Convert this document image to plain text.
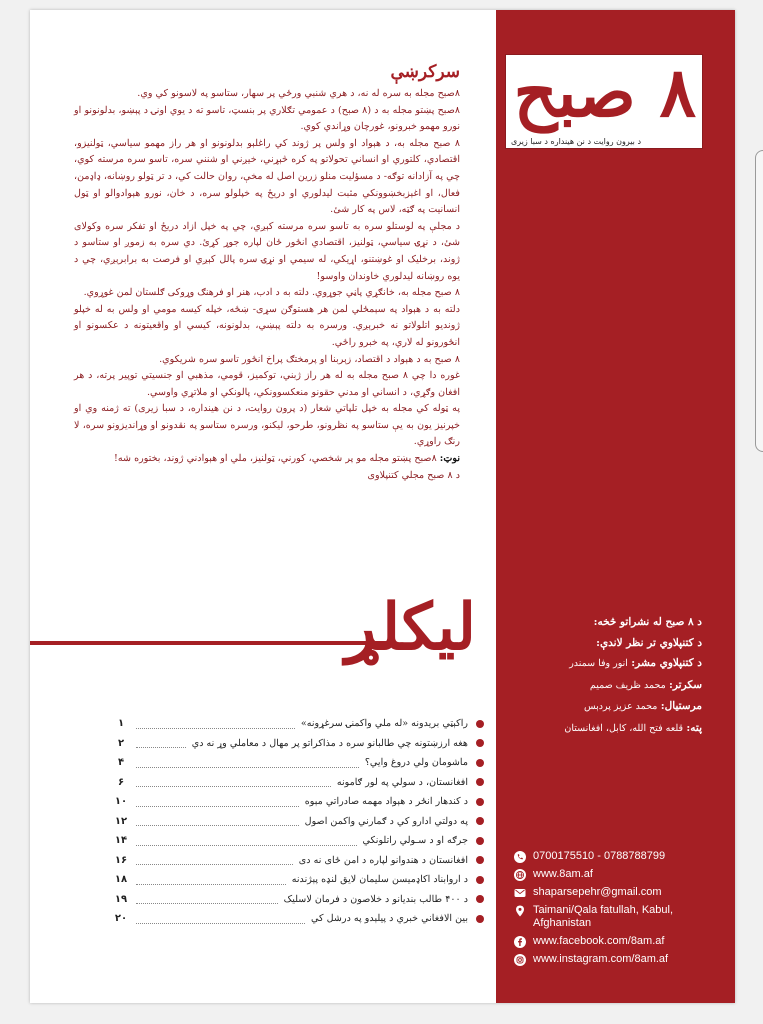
۸ صبح
د بیرون روایت د نن هینداره د سبا زیری
سرکرښې

۸صبح مجله به سره له نه، د هري شنبي ورځي پر سهار، ستاسو په لاسونو کي وي.

۸صبح پښتو مجله به د (۸ صبح) د عمومي تګلاري پر بنسټ، تاسو ته د يوي اونۍ د پېښو، بدلونونو او نورو مهمو خبرونو، غورچان وړاندي کوي.

۸ صبح مجله به، د هېواد او ولس پر ژوند کي راغلېو بدلونونو او هر راز مهمو سياسي، ټولنيزو، اقتصادي، کلتوري او انساني تحولاتو په کره څېړني، خيږني او شنني سره، تاسو سره مرسته کوي، چي په آزادانه توګه- د مسؤليت منلو زرين اصل له مخې، روان حالت کي، د تر ټولو روښانه، ډاډمن، فعال، او اغېزبخښوونکي مثبت ليدلوري او دريځ په خپلولو سره، د خان، نورو هېوادوالو او ټول انسانيت په ګټه، لاس په کار شئ.

د مجلې په لوستلو سره به تاسو سره مرسته کېږي، چي په خپل ازاد دريځ او تفکر سره وکولای شئ، د نړۍ سياسي، ټولنيز، اقتصادي انځور ځان لپاره جوړ کړئ. دي سره به زموږ او ستاسو د ژوند، برخليک او غوښتنو، اړيکي، له سيمي او نړۍ سره پالل کېږي او فرصت به برابرېږي، چي د يوه روښانه ليدلوري خاوندان واوسو!

۸ صبح مجله به، خانګړي پاڼي جوړوي. دلته به د ادب، هنر او فرهنګ وړوکی ګلستان لمن غوړوي.

دلته به د هېواد په سېمځلي لمن هر هستوګن سړی- ښځه، خپله کيسه مومي او ولس به له خپلو ژونديو اتلولاتو نه خبرېږي. ورسره به دلته پېښي، بدلونونه، کيسي او واقعيتونه د عکسونو او انځورونو له لاري، په خبرو راځي.

۸ صبح به د هېواد د اقتصاد، زېربنا او پرمختګ پراخ انځور تاسو سره شريکوي.

غوره دا چي ۸ صبح مجله به له هر راز ژبني، توکميز، قومي، مذهبي او جنسيتي توپير پرته، د هر افغان وګړي، د انساني او مدني حقونو منعکسوونکي، پالونکي او ملاتړي واوسي.

په ټوله کي مجله به خپل تلپاتي شعار (د پرون روايت، د نن هينداره، د سبا زيرى) ته ژمنه وي او خپرنيز يون به يې ستاسو په نظرونو، طرحو، ليکنو، ورسره ستاسو په نقدونو او وړانديزونو سره، لا رنګ راوړي.

نوټ: ۸صبح پښتو مجله مو پر شخصي، کورني، ټولنيز، ملي او هېوادني ژوند، بختوره شه!

د ۸ صبح مجلي کتنپلاوی

ليکلړ
راکېټي بريدونه «له ملي واکمنۍ سرغړونه»
۱
هغه ارزښتونه چي طالبانو سره د مذاکراتو پر مهال د معاملي وړ نه دي
۲
ماشومان ولي دروغ وايي؟
۴
افغانستان، د سولي په لور ګامونه
۶
د کندهار انځر د هېواد مهمه صادراتي مېوه
۱۰
په دولتي ادارو کي د ګمارني واکمن اصول
۱۲
جرګه او د سـولي راتلونکي
۱۴
افغانستان د هندوانو لپاره د امن ځای نه دی
۱۶
د اروابناد اکاډميسن سليمان لايق لنډه پېژندنه
۱۸
د ۴۰۰ طالب بنديانو د خلاصون د فرمان لاسليک
۱۹
بين الافغاني خبري د پيلېدو په درشل کي
۲۰
د ۸ صبح له نشراتو څخه:
د کتنپلاوي تر نظر لاندې:
د کتنپلاوي مشر: انور وفا سمندر
سکرتر: محمد ظريف صميم
مرستیال: محمد عزيز پردېس
پته: قلعه فتح الله، کابل، افغانستان
0700175510 - 0788788799
www.8am.af
shaparsepehr@gmail.com
Taimani/Qala fatullah, Kabul,
Afghanistan
www.facebook.com/8am.af
www.instagram.com/8am.af
